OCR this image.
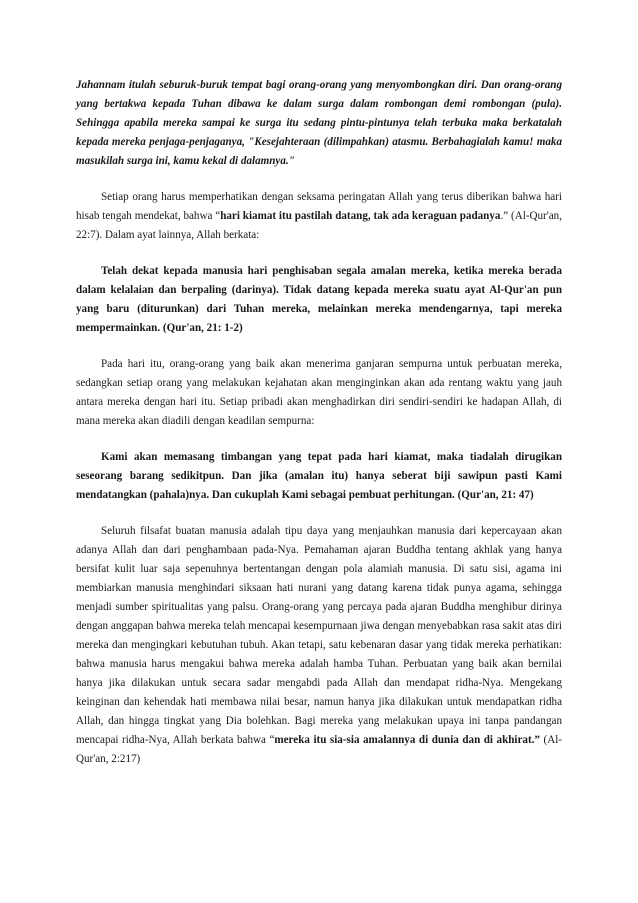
Jahannam itulah seburuk-buruk tempat bagi orang-orang yang menyombongkan diri. Dan orang-orang yang bertakwa kepada Tuhan dibawa ke dalam surga dalam rombongan demi rombongan (pula). Sehingga apabila mereka sampai ke surga itu sedang pintu-pintunya telah terbuka maka berkatalah kepada mereka penjaga-penjaganya, "Kesejahteraan (dilimpahkan) atasmu. Berbahagialah kamu! maka masukilah surga ini, kamu kekal di dalamnya."

Setiap orang harus memperhatikan dengan seksama peringatan Allah yang terus diberikan bahwa hari hisab tengah mendekat, bahwa “hari kiamat itu pastilah datang, tak ada keraguan padanya.” (Al-Qur'an, 22:7). Dalam ayat lainnya, Allah berkata:

Telah dekat kepada manusia hari penghisaban segala amalan mereka, ketika mereka berada dalam kelalaian dan berpaling (darinya). Tidak datang kepada mereka suatu ayat Al-Qur'an pun yang baru (diturunkan) dari Tuhan mereka, melainkan mereka mendengarnya, tapi mereka mempermainkan. (Qur'an, 21: 1-2)

Pada hari itu, orang-orang yang baik akan menerima ganjaran sempurna untuk perbuatan mereka, sedangkan setiap orang yang melakukan kejahatan akan menginginkan akan ada rentang waktu yang jauh antara mereka dengan hari itu. Setiap pribadi akan menghadirkan diri sendiri-sendiri ke hadapan Allah, di mana mereka akan diadili dengan keadilan sempurna:

Kami akan memasang timbangan yang tepat pada hari kiamat, maka tiadalah dirugikan seseorang barang sedikitpun. Dan jika (amalan itu) hanya seberat biji sawipun pasti Kami mendatangkan (pahala)nya. Dan cukuplah Kami sebagai pembuat perhitungan. (Qur'an, 21: 47)

Seluruh filsafat buatan manusia adalah tipu daya yang menjauhkan manusia dari kepercayaan akan adanya Allah dan dari penghambaan pada-Nya. Pemahaman ajaran Buddha tentang akhlak yang hanya bersifat kulit luar saja sepenuhnya bertentangan dengan pola alamiah manusia. Di satu sisi, agama ini membiarkan manusia menghindari siksaan hati nurani yang datang karena tidak punya agama, sehingga menjadi sumber spiritualitas yang palsu. Orang-orang yang percaya pada ajaran Buddha menghibur dirinya dengan anggapan bahwa mereka telah mencapai kesempurnaan jiwa dengan menyebabkan rasa sakit atas diri mereka dan mengingkari kebutuhan tubuh. Akan tetapi, satu kebenaran dasar yang tidak mereka perhatikan: bahwa manusia harus mengakui bahwa mereka adalah hamba Tuhan. Perbuatan yang baik akan bernilai hanya jika dilakukan untuk secara sadar mengabdi pada Allah dan mendapat ridha-Nya. Mengekang keinginan dan kehendak hati membawa nilai besar, namun hanya jika dilakukan untuk mendapatkan ridha Allah, dan hingga tingkat yang Dia bolehkan. Bagi mereka yang melakukan upaya ini tanpa pandangan mencapai ridha-Nya, Allah berkata bahwa “mereka itu sia-sia amalannya di dunia dan di akhirat.” (Al-Qur'an, 2:217)
